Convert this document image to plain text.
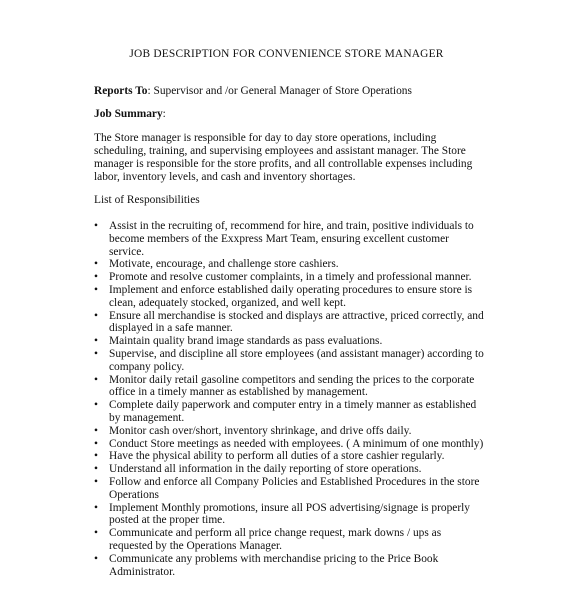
JOB DESCRIPTION FOR CONVENIENCE STORE MANAGER
Reports To: Supervisor and /or General Manager of Store Operations
Job Summary:
The Store manager is responsible for day to day store operations, including scheduling, training, and supervising employees and assistant manager. The Store manager is responsible for the store profits, and all controllable expenses including labor, inventory levels, and cash and inventory shortages.
List of Responsibilities
• Assist in the recruiting of, recommend for hire, and train, positive individuals to become members of the Exxpress Mart Team, ensuring excellent customer service.
• Motivate, encourage, and challenge store cashiers.
• Promote and resolve customer complaints, in a timely and professional manner.
• Implement and enforce established daily operating procedures to ensure store is clean, adequately stocked, organized, and well kept.
• Ensure all merchandise is stocked and displays are attractive, priced correctly, and displayed in a safe manner.
• Maintain quality brand image standards as pass evaluations.
• Supervise, and discipline all store employees (and assistant manager) according to company policy.
• Monitor daily retail gasoline competitors and sending the prices to the corporate office in a timely manner as established by management.
• Complete daily paperwork and computer entry in a timely manner as established by management.
• Monitor cash over/short, inventory shrinkage, and drive offs daily.
• Conduct Store meetings as needed with employees. ( A minimum of one monthly)
• Have the physical ability to perform all duties of a store cashier regularly.
• Understand all information in the daily reporting of store operations.
• Follow and enforce all Company Policies and Established Procedures in the store Operations
• Implement Monthly promotions, insure all POS advertising/signage is properly posted at the proper time.
• Communicate and perform all price change request, mark downs / ups as requested by the Operations Manager.
• Communicate any problems with merchandise pricing to the Price Book Administrator.
